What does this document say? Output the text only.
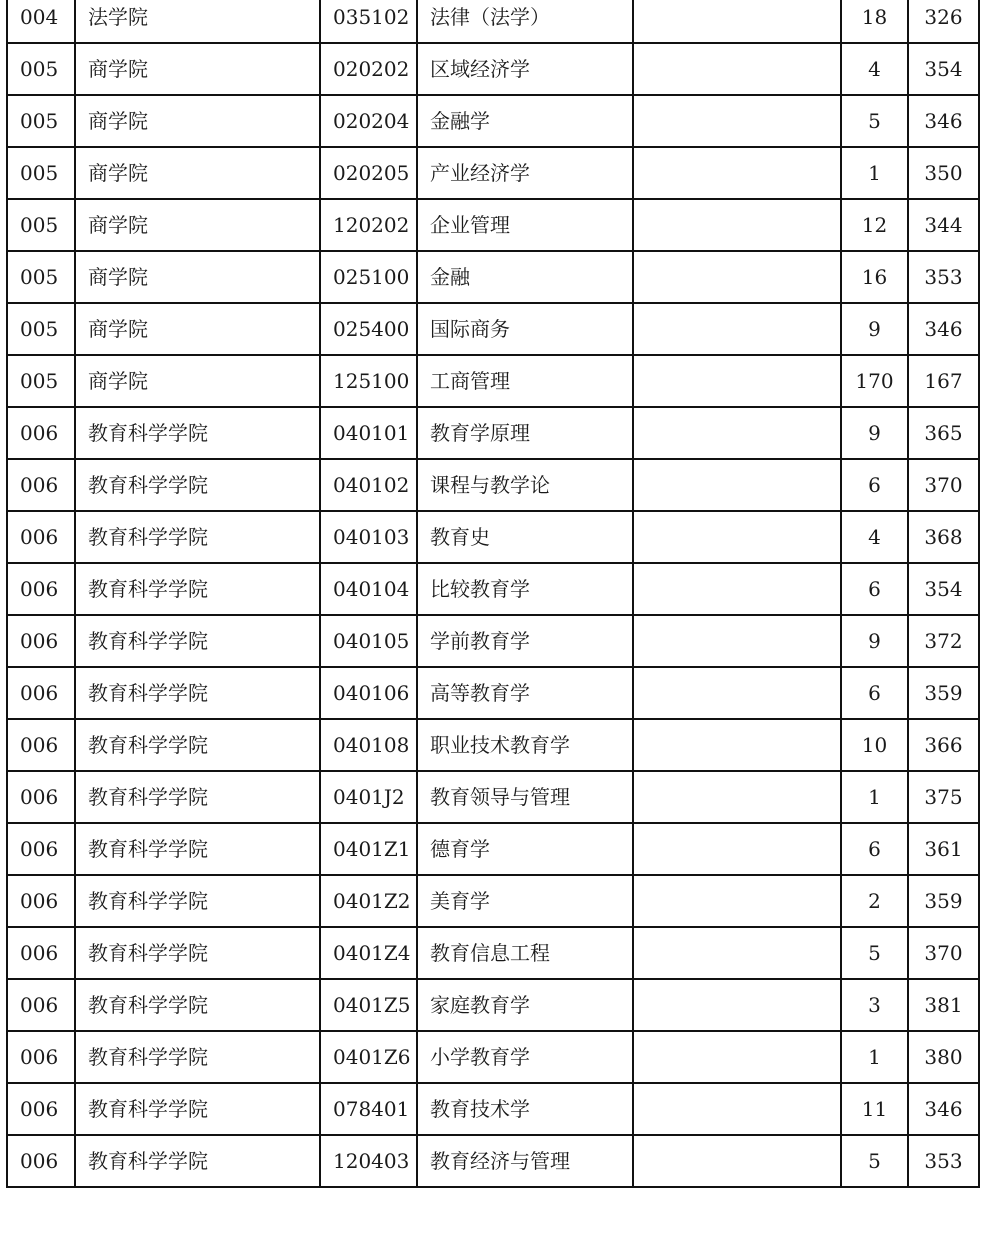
004	法学院	035102	法律（法学）		18	326
005	商学院	020202	区域经济学		4	354
005	商学院	020204	金融学		5	346
005	商学院	020205	产业经济学		1	350
005	商学院	120202	企业管理		12	344
005	商学院	025100	金融		16	353
005	商学院	025400	国际商务		9	346
005	商学院	125100	工商管理		170	167
006	教育科学学院	040101	教育学原理		9	365
006	教育科学学院	040102	课程与教学论		6	370
006	教育科学学院	040103	教育史		4	368
006	教育科学学院	040104	比较教育学		6	354
006	教育科学学院	040105	学前教育学		9	372
006	教育科学学院	040106	高等教育学		6	359
006	教育科学学院	040108	职业技术教育学		10	366
006	教育科学学院	0401J2	教育领导与管理		1	375
006	教育科学学院	0401Z1	德育学		6	361
006	教育科学学院	0401Z2	美育学		2	359
006	教育科学学院	0401Z4	教育信息工程		5	370
006	教育科学学院	0401Z5	家庭教育学		3	381
006	教育科学学院	0401Z6	小学教育学		1	380
006	教育科学学院	078401	教育技术学		11	346
006	教育科学学院	120403	教育经济与管理		5	353
